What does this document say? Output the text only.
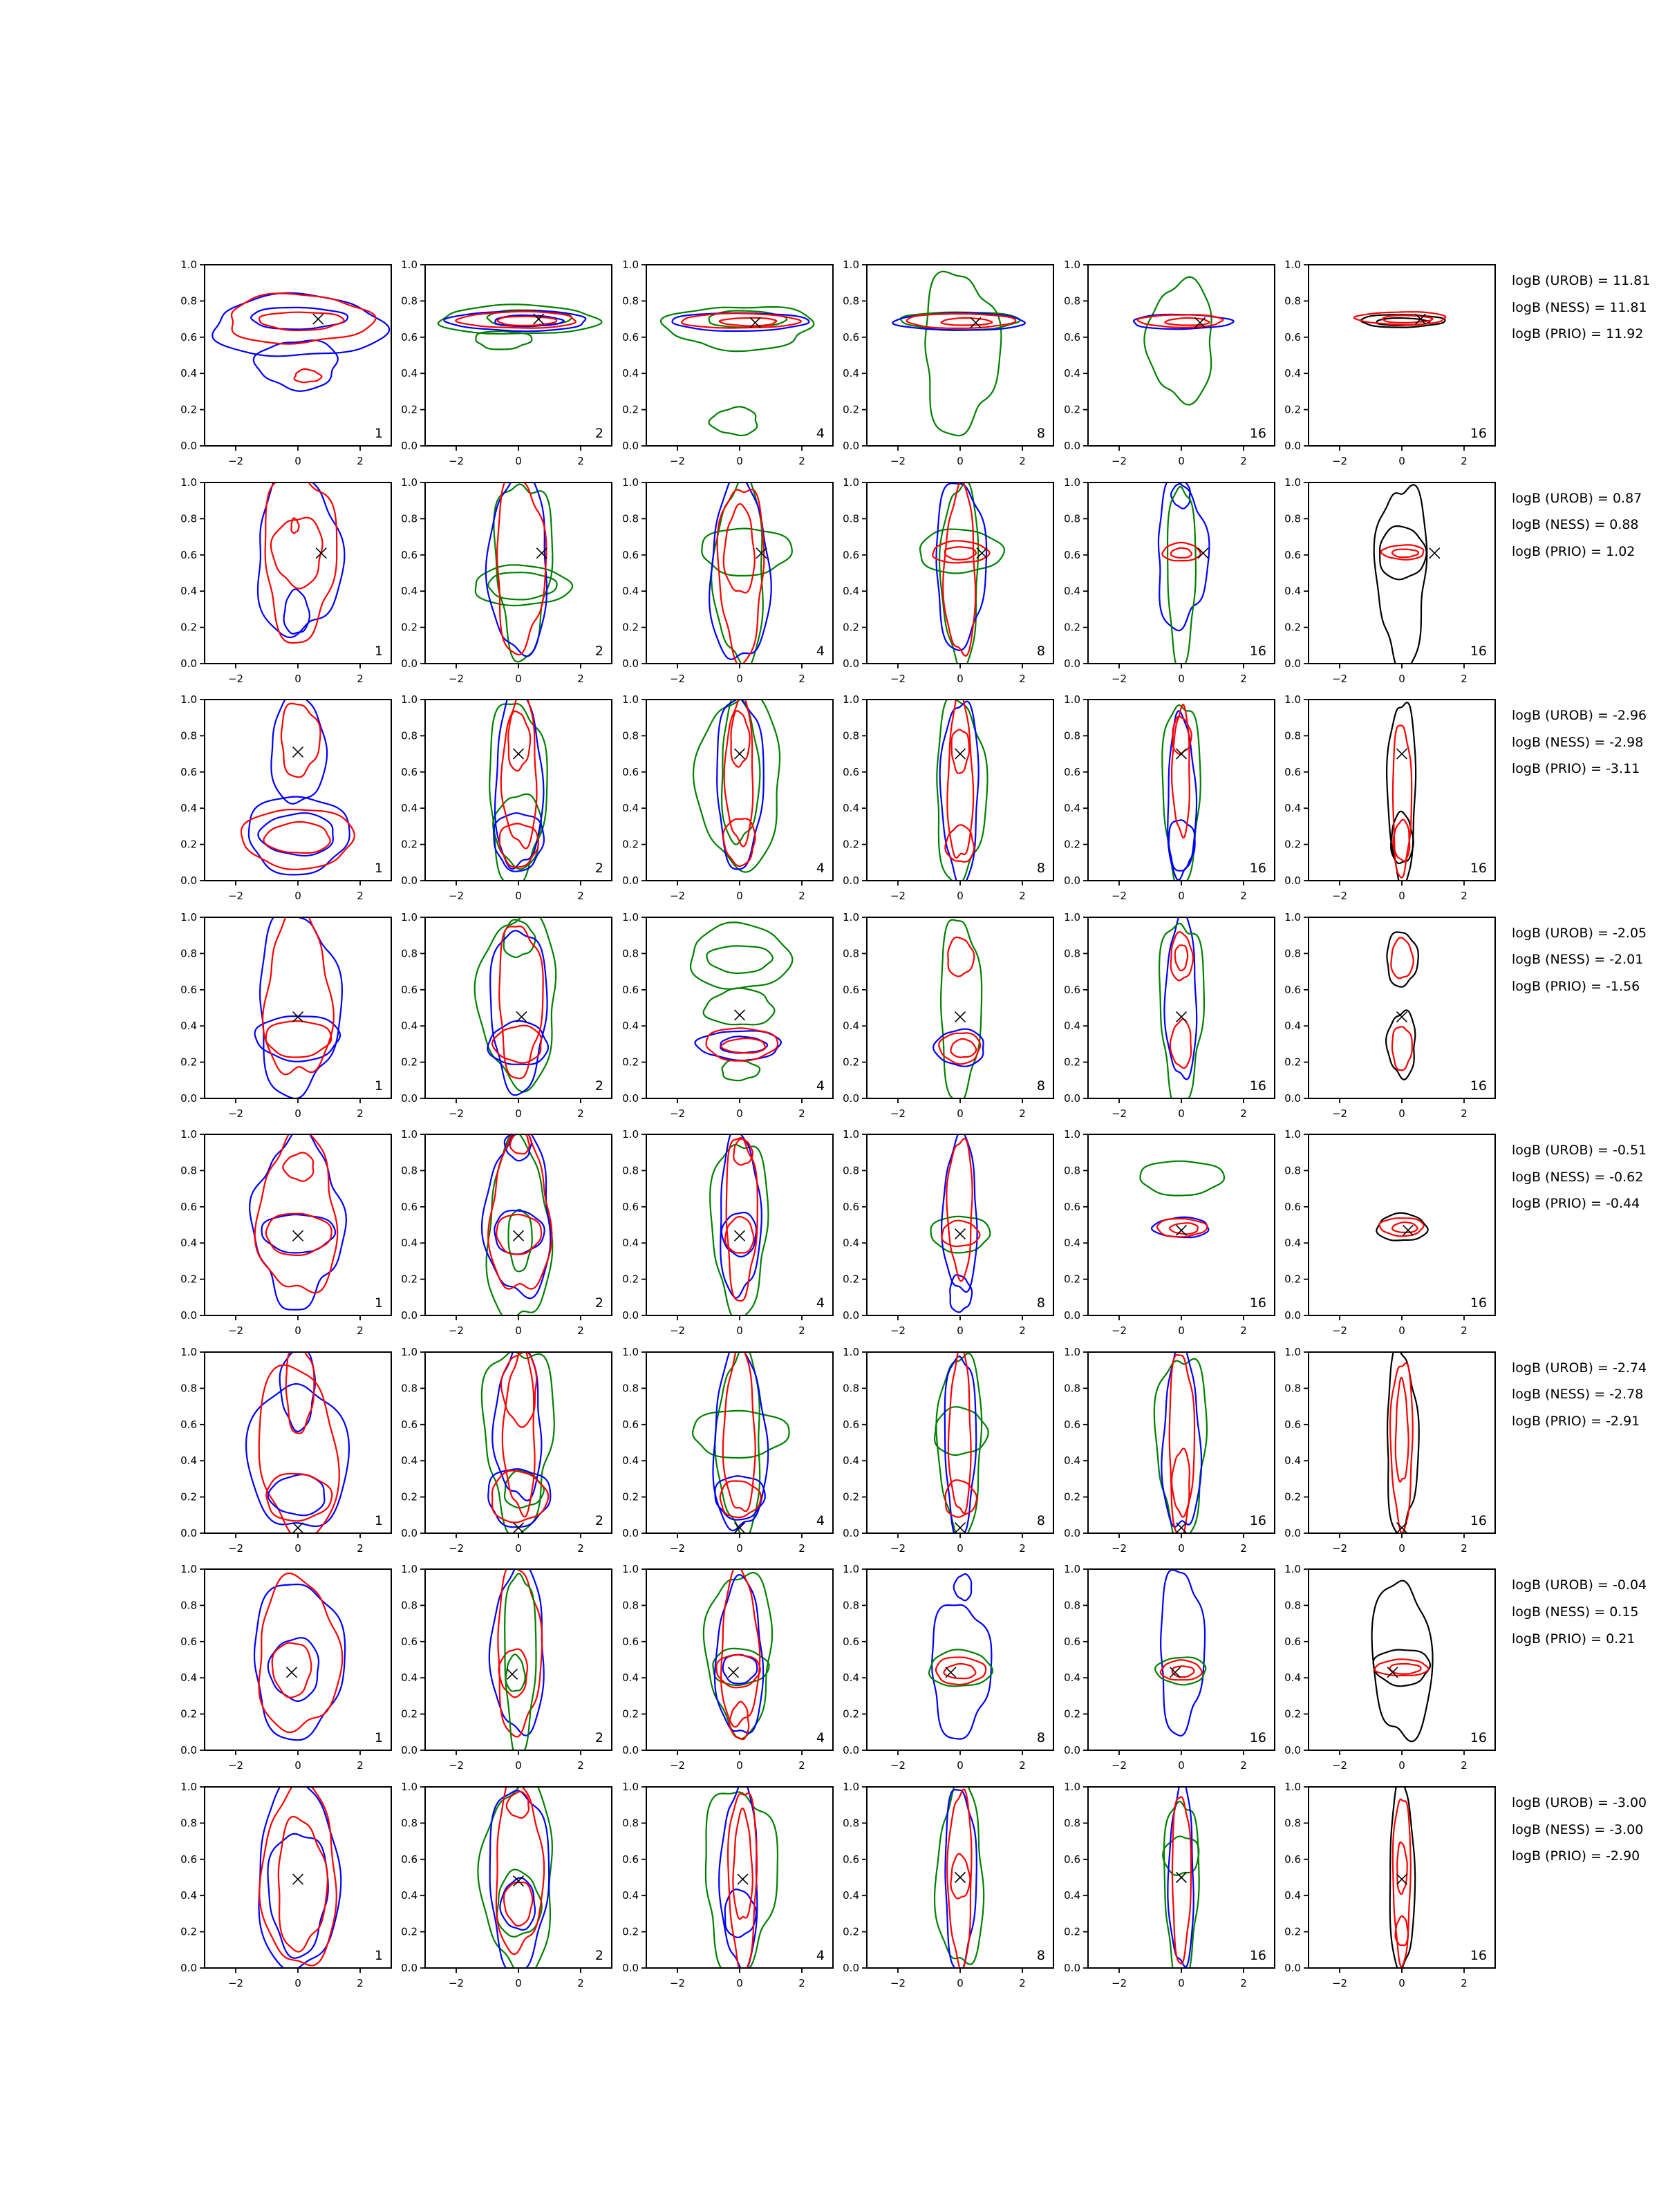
−2	0	2
0.0
0.2
0.4
0.6
0.8
1.0
1
−2	0	2
0.0
0.2
0.4
0.6
0.8
1.0
2
−2	0	2
0.0
0.2
0.4
0.6
0.8
1.0
4
−2	0	2
0.0
0.2
0.4
0.6
0.8
1.0
8
−2	0	2
0.0
0.2
0.4
0.6
0.8
1.0
16
−2	0	2
0.0
0.2
0.4
0.6
0.8
1.0
16
logB (UROB) = 11.81
logB (NESS) = 11.81
logB (PRIO) = 11.92
−2	0	2
0.0
0.2
0.4
0.6
0.8
1.0
1
−2	0	2
0.0
0.2
0.4
0.6
0.8
1.0
2
−2	0	2
0.0
0.2
0.4
0.6
0.8
1.0
4
−2	0	2
0.0
0.2
0.4
0.6
0.8
1.0
8
−2	0	2
0.0
0.2
0.4
0.6
0.8
1.0
16
−2	0	2
0.0
0.2
0.4
0.6
0.8
1.0
16
logB (UROB) = 0.87
logB (NESS) = 0.88
logB (PRIO) = 1.02
−2	0	2
0.0
0.2
0.4
0.6
0.8
1.0
1
−2	0	2
0.0
0.2
0.4
0.6
0.8
1.0
2
−2	0	2
0.0
0.2
0.4
0.6
0.8
1.0
4
−2	0	2
0.0
0.2
0.4
0.6
0.8
1.0
8
−2	0	2
0.0
0.2
0.4
0.6
0.8
1.0
16
−2	0	2
0.0
0.2
0.4
0.6
0.8
1.0
16
logB (UROB) = -2.96
logB (NESS) = -2.98
logB (PRIO) = -3.11
−2	0	2
0.0
0.2
0.4
0.6
0.8
1.0
1
−2	0	2
0.0
0.2
0.4
0.6
0.8
1.0
2
−2	0	2
0.0
0.2
0.4
0.6
0.8
1.0
4
−2	0	2
0.0
0.2
0.4
0.6
0.8
1.0
8
−2	0	2
0.0
0.2
0.4
0.6
0.8
1.0
16
−2	0	2
0.0
0.2
0.4
0.6
0.8
1.0
16
logB (UROB) = -2.05
logB (NESS) = -2.01
logB (PRIO) = -1.56
−2	0	2
0.0
0.2
0.4
0.6
0.8
1.0
1
−2	0	2
0.0
0.2
0.4
0.6
0.8
1.0
2
−2	0	2
0.0
0.2
0.4
0.6
0.8
1.0
4
−2	0	2
0.0
0.2
0.4
0.6
0.8
1.0
8
−2	0	2
0.0
0.2
0.4
0.6
0.8
1.0
16
−2	0	2
0.0
0.2
0.4
0.6
0.8
1.0
16
logB (UROB) = -0.51
logB (NESS) = -0.62
logB (PRIO) = -0.44
−2	0	2
0.0
0.2
0.4
0.6
0.8
1.0
1
−2	0	2
0.0
0.2
0.4
0.6
0.8
1.0
2
−2	0	2
0.0
0.2
0.4
0.6
0.8
1.0
4
−2	0	2
0.0
0.2
0.4
0.6
0.8
1.0
8
−2	0	2
0.0
0.2
0.4
0.6
0.8
1.0
16
−2	0	2
0.0
0.2
0.4
0.6
0.8
1.0
16
logB (UROB) = -2.74
logB (NESS) = -2.78
logB (PRIO) = -2.91
−2	0	2
0.0
0.2
0.4
0.6
0.8
1.0
1
−2	0	2
0.0
0.2
0.4
0.6
0.8
1.0
2
−2	0	2
0.0
0.2
0.4
0.6
0.8
1.0
4
−2	0	2
0.0
0.2
0.4
0.6
0.8
1.0
8
−2	0	2
0.0
0.2
0.4
0.6
0.8
1.0
16
−2	0	2
0.0
0.2
0.4
0.6
0.8
1.0
16
logB (UROB) = -0.04
logB (NESS) = 0.15
logB (PRIO) = 0.21
−2	0	2
0.0
0.2
0.4
0.6
0.8
1.0
1
−2	0	2
0.0
0.2
0.4
0.6
0.8
1.0
2
−2	0	2
0.0
0.2
0.4
0.6
0.8
1.0
4
−2	0	2
0.0
0.2
0.4
0.6
0.8
1.0
8
−2	0	2
0.0
0.2
0.4
0.6
0.8
1.0
16
−2	0	2
0.0
0.2
0.4
0.6
0.8
1.0
16
logB (UROB) = -3.00
logB (NESS) = -3.00
logB (PRIO) = -2.90
